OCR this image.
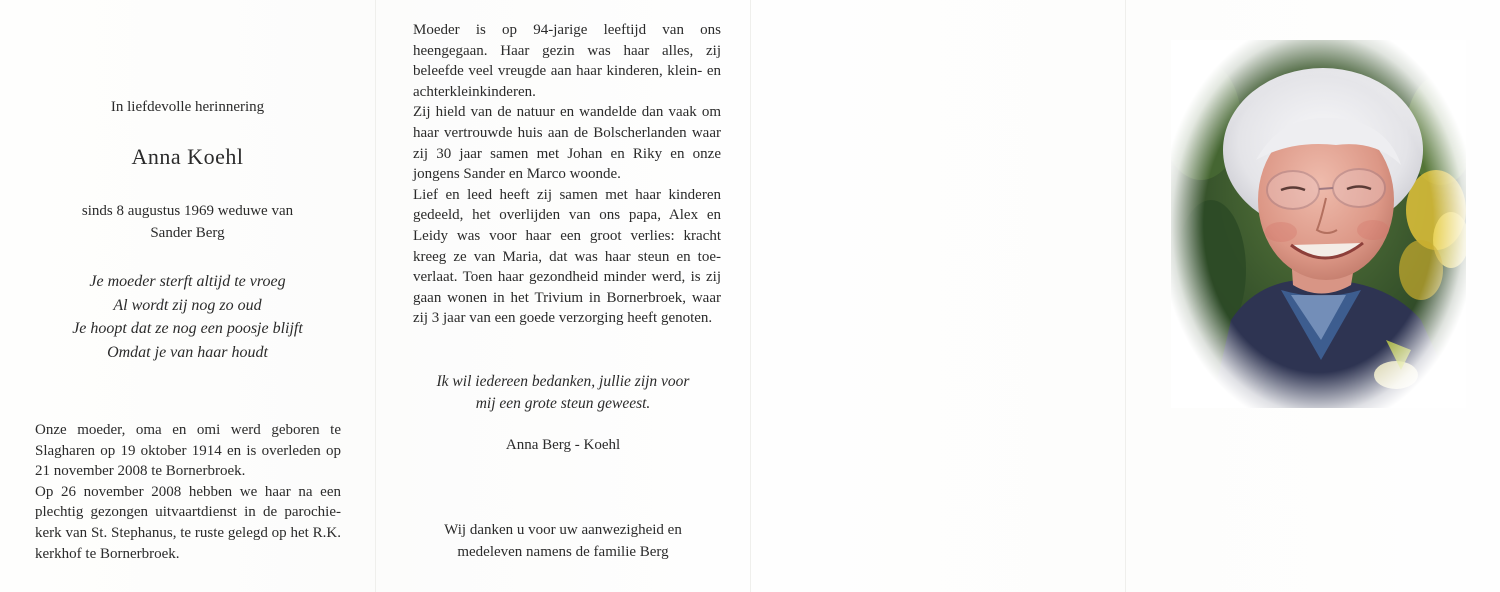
In liefdevolle herinnering
Anna Koehl
sinds 8 augustus 1969 weduwe van
Sander Berg
Je moeder sterft altijd te vroeg
Al wordt zij nog zo oud
Je hoopt dat ze nog een poosje blijft
Omdat je van haar houdt

Onze moeder, oma en omi werd geboren te Slagharen op 19 oktober 1914 en is overleden op 21 november 2008 te Bornerbroek.

Op 26 november 2008 hebben we haar na een plechtig gezongen uitvaartdienst in de parochie-kerk van St. Stephanus, te ruste gelegd op het R.K. kerkhof te Bornerbroek.

Moeder is op 94-jarige leeftijd van ons heengegaan. Haar gezin was haar alles, zij beleefde veel vreugde aan haar kinderen, klein- en achterkleinkinderen.

Zij hield van de natuur en wandelde dan vaak om haar vertrouwde huis aan de Bolscherlanden waar zij 30 jaar samen met Johan en Riky en onze jongens Sander en Marco woonde.

Lief en leed heeft zij samen met haar kinderen gedeeld, het overlijden van ons papa, Alex en Leidy was voor haar een groot verlies: kracht kreeg ze van Maria, dat was haar steun en toe-verlaat. Toen haar gezondheid minder werd, is zij gaan wonen in het Trivium in Bornerbroek, waar zij 3 jaar van een goede verzorging heeft genoten.

Ik wil iedereen bedanken, jullie zijn voor
mij een grote steun geweest.
Anna Berg - Koehl
Wij danken u voor uw aanwezigheid en
medeleven namens de familie Berg
